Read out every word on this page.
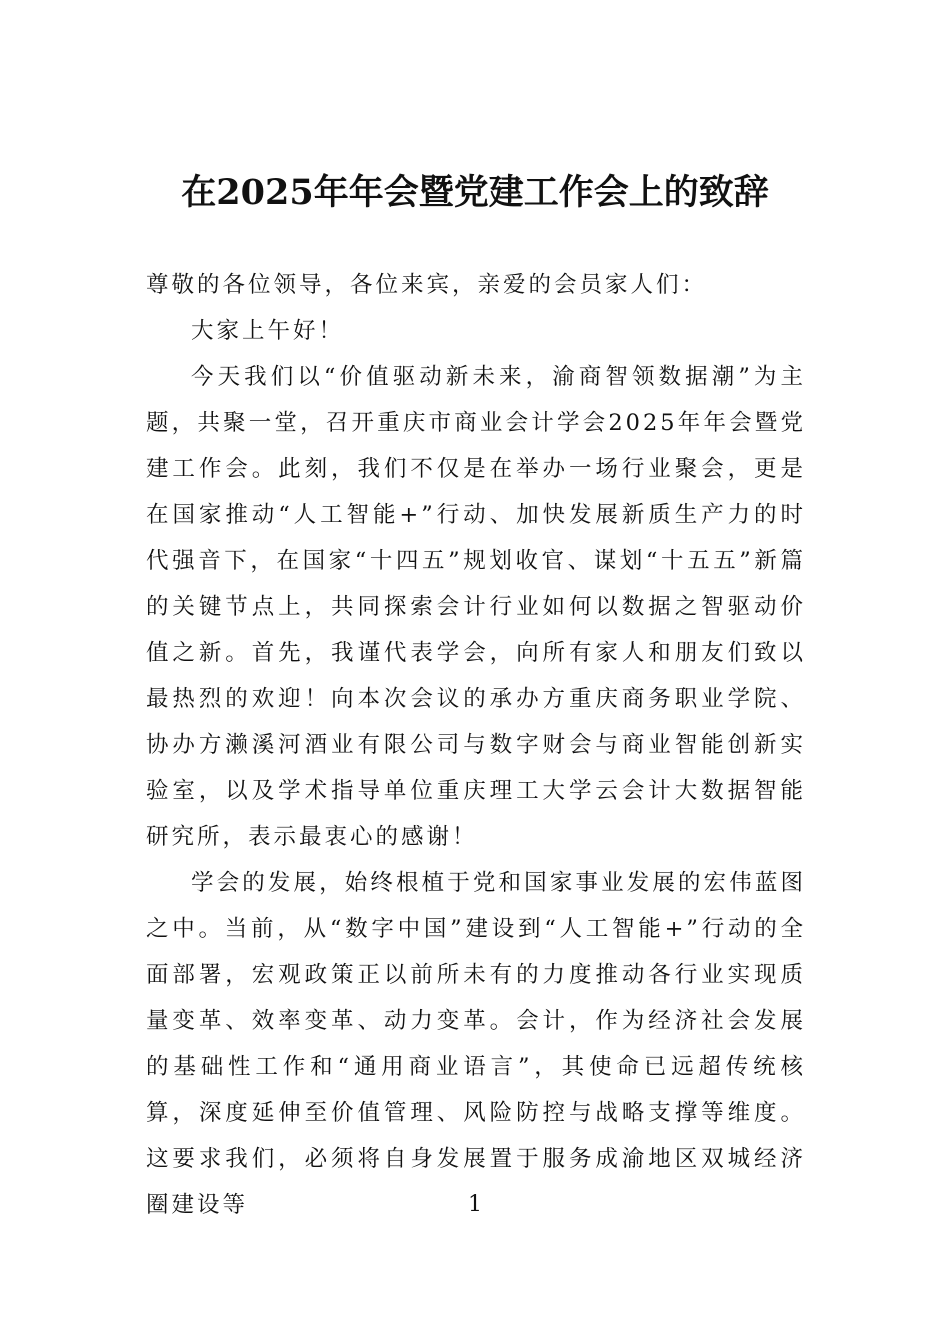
在2025年年会暨党建工作会上的致辞

尊敬的各位领导，各位来宾，亲爱的会员家人们：

大家上午好！

今天我们以“价值驱动新未来，渝商智领数据潮”为主题，共聚一堂，召开重庆市商业会计学会2025年年会暨党建工作会。此刻，我们不仅是在举办一场行业聚会，更是在国家推动“人工智能+”行动、加快发展新质生产力的时代强音下，在国家“十四五”规划收官、谋划“十五五”新篇的关键节点上，共同探索会计行业如何以数据之智驱动价值之新。首先，我谨代表学会，向所有家人和朋友们致以最热烈的欢迎！向本次会议的承办方重庆商务职业学院、协办方濑溪河酒业有限公司与数字财会与商业智能创新实验室，以及学术指导单位重庆理工大学云会计大数据智能研究所，表示最衷心的感谢！

学会的发展，始终根植于党和国家事业发展的宏伟蓝图之中。当前，从“数字中国”建设到“人工智能+”行动的全面部署，宏观政策正以前所未有的力度推动各行业实现质量变革、效率变革、动力变革。会计，作为经济社会发展的基础性工作和“通用商业语言”，其使命已远超传统核算，深度延伸至价值管理、风险防控与战略支撑等维度。这要求我们，必须将自身发展置于服务成渝地区双城经济圈建设等	1
